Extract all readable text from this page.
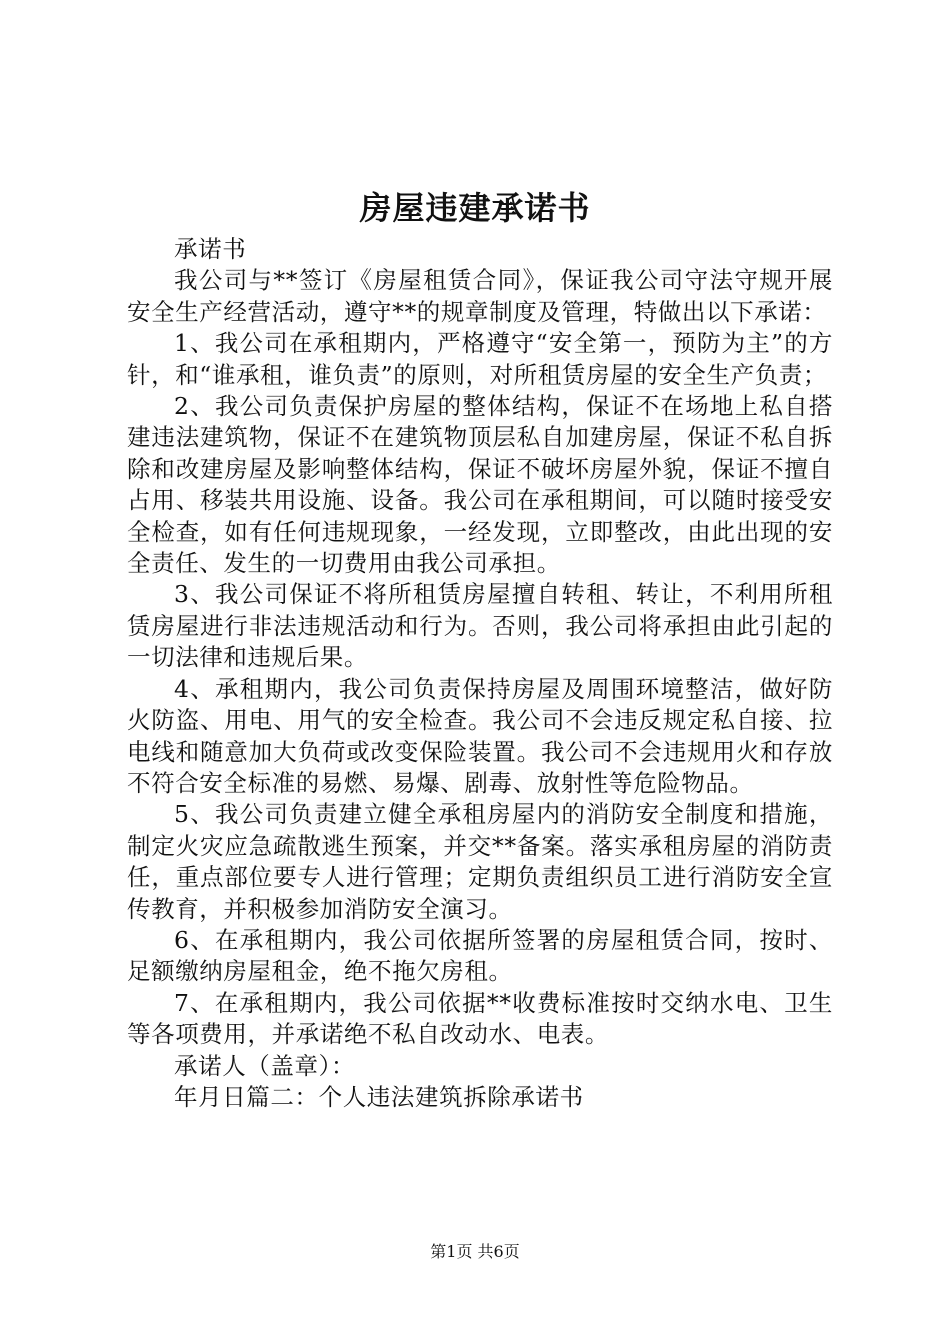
房屋违建承诺书

承诺书

我公司与**签订《房屋租赁合同》，保证我公司守法守规开展安全生产经营活动，遵守**的规章制度及管理，特做出以下承诺：

1、我公司在承租期内，严格遵守“安全第一，预防为主”的方针，和“谁承租，谁负责”的原则，对所租赁房屋的安全生产负责；

2、我公司负责保护房屋的整体结构，保证不在场地上私自搭建违法建筑物，保证不在建筑物顶层私自加建房屋，保证不私自拆除和改建房屋及影响整体结构，保证不破坏房屋外貌，保证不擅自占用、移装共用设施、设备。我公司在承租期间，可以随时接受安全检查，如有任何违规现象，一经发现，立即整改，由此出现的安全责任、发生的一切费用由我公司承担。

3、我公司保证不将所租赁房屋擅自转租、转让，不利用所租赁房屋进行非法违规活动和行为。否则，我公司将承担由此引起的一切法律和违规后果。

4、承租期内，我公司负责保持房屋及周围环境整洁，做好防火防盗、用电、用气的安全检查。我公司不会违反规定私自接、拉电线和随意加大负荷或改变保险装置。我公司不会违规用火和存放不符合安全标准的易燃、易爆、剧毒、放射性等危险物品。

5、我公司负责建立健全承租房屋内的消防安全制度和措施，制定火灾应急疏散逃生预案，并交**备案。落实承租房屋的消防责任，重点部位要专人进行管理；定期负责组织员工进行消防安全宣传教育，并积极参加消防安全演习。

6、在承租期内，我公司依据所签署的房屋租赁合同，按时、足额缴纳房屋租金，绝不拖欠房租。

7、在承租期内，我公司依据**收费标准按时交纳水电、卫生等各项费用，并承诺绝不私自改动水、电表。

承诺人（盖章）：

年月日篇二：个人违法建筑拆除承诺书

第1页 共6页
